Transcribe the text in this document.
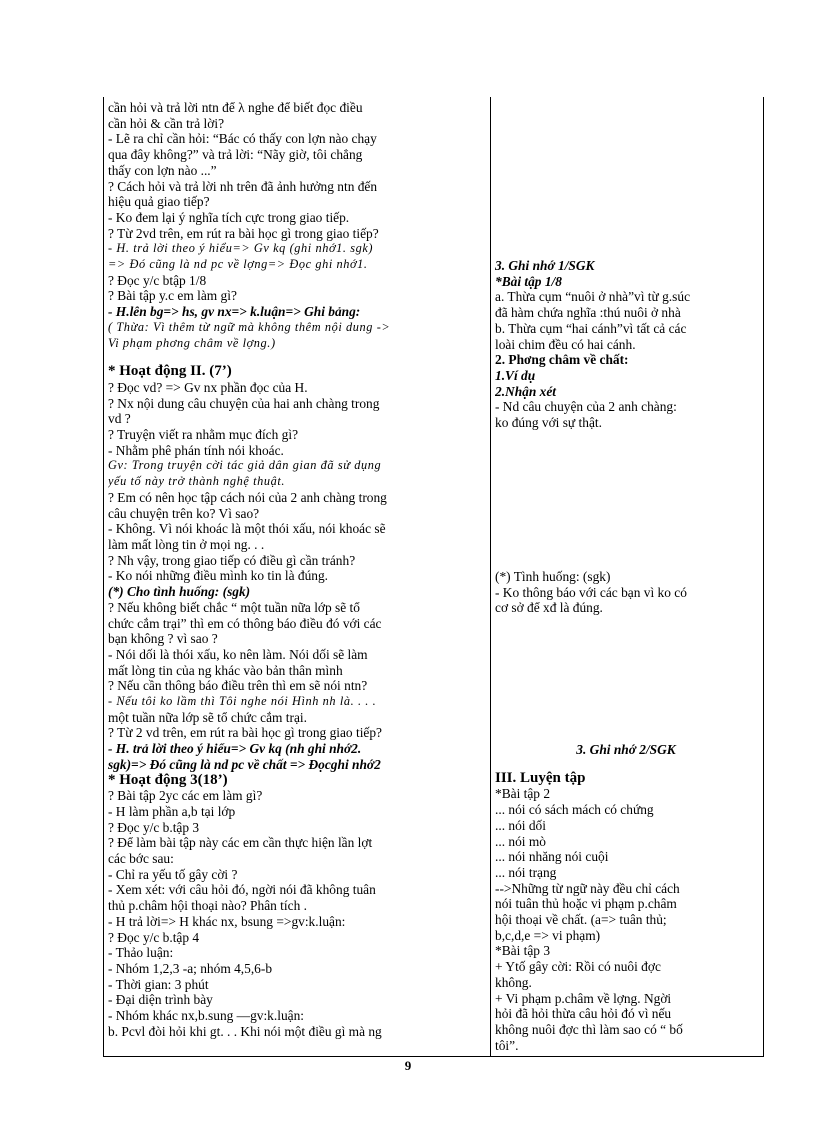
cần hỏi và trả lời ntn để λ nghe để biết đọc điều
cần hỏi & cần trả lời?
- Lẽ ra chỉ cần hỏi: “Bác có thấy con lợn nào chạy
qua đây không?” và trả lời: “Nãy giờ, tôi chẳng
thấy con lợn nào ...”
? Cách hỏi và trả lời nh trên đã ảnh hưởng ntn đến
hiệu quả giao tiếp?
- Ko đem lại ý nghĩa tích cực trong giao tiếp.
? Từ 2vd trên, em rút ra bài học gì trong giao tiếp?
- H. trả lời theo ý hiểu=> Gv kq (ghi nhớ1. sgk)
=> Đó cũng là nd pc về lợng=> Đọc ghi nhớ1.
? Đọc y/c btập 1/8
? Bài tập y.c em làm gì?
- H.lên bg=> hs, gv nx=> k.luận=> Ghi bảng:
( Thừa: Vì thêm từ ngữ mà không thêm nội dung ->
Vi phạm phơng châm về lợng.)
* Hoạt động II. (7’)
? Đọc vd? => Gv nx phần đọc của H.
? Nx nội dung câu chuyện của hai anh chàng trong
vd ?
? Truyện viết ra nhằm mục đích gì?
- Nhằm phê phán tính nói khoác.
Gv: Trong truyện cời tác giả dân gian đã sử dụng
yếu tố này trở thành nghệ thuật.
? Em có nên học tập cách nói của 2 anh chàng trong
câu chuyện trên ko? Vì sao?
- Không. Vì nói khoác là một thói xấu, nói khoác sẽ
làm mất lòng tin ở mọi ng. . .
? Nh vậy, trong giao tiếp có điều gì cần tránh?
- Ko nói những điều mình ko tin là đúng.
(*) Cho tình huống: (sgk)
? Nếu không biết chắc “ một tuần nữa lớp sẽ tổ
chức cắm trại” thì em có thông báo điều đó với các
bạn không ? vì sao ?
- Nói dối là thói xấu, ko nên làm. Nói dối sẽ làm
mất lòng tin của ng khác vào bản thân mình
? Nếu cần thông báo điều trên thì em sẽ nói ntn?
- Nếu tôi ko lầm thì Tôi nghe nói Hình nh là. . . .
một tuần nữa lớp sẽ tổ chức cắm trại.
? Từ 2 vd trên, em rút ra bài học gì trong giao tiếp?
- H. trả lời theo ý hiểu=> Gv kq (nh ghi nhớ2.
sgk)=> Đó cũng là nd pc về chất => Đọcghi nhớ2
* Hoạt động 3(18’)
? Bài tập 2yc các em làm gì?
- H làm phần a,b tại lớp
? Đọc y/c b.tập 3
? Để làm bài tập này các em cần thực hiện lần lợt
các bớc sau:
- Chỉ ra yếu tố gây cời ?
- Xem xét: với câu hỏi đó, ngời nói đã không tuân
thủ p.châm hội thoại nào? Phân tích .
- H trả lời=> H khác nx, bsung =>gv:k.luận:
? Đọc y/c b.tập 4
- Thảo luận:
- Nhóm 1,2,3 -a; nhóm 4,5,6-b
- Thời gian: 3 phút
- Đại diện trình bày
- Nhóm khác nx,b.sung —gv:k.luận:
b. Pcvl đòi hỏi khi gt. . . Khi nói một điều gì mà ng
3. Ghi nhớ 1/SGK
*Bài tập 1/8
a. Thừa cụm “nuôi ở nhà”vì từ g.súc
đã hàm chứa nghĩa :thú nuôi ở nhà
b. Thừa cụm “hai cánh”vì tất cả các
loài chim đều có hai cánh.
2. Phơng châm về chất:
1.Ví dụ
2.Nhận xét
- Nd câu chuyện của 2 anh chàng:
ko đúng với sự thật.
(*) Tình huống: (sgk)
- Ko thông báo với các bạn vì ko có
cơ sở để xđ là đúng.
3. Ghi nhớ 2/SGK
III. Luyện tập
*Bài tập 2
... nói có sách mách có chứng
... nói dối
... nói mò
... nói nhăng nói cuội
... nói trạng
-->Những từ ngữ này đều chỉ cách
nói tuân thủ hoặc vi phạm p.châm
hội thoại về chất. (a=> tuân thủ;
b,c,d,e => vi phạm)
*Bài tập 3
+ Ytố gây cời: Rồi có nuôi đợc
không.
+ Vi phạm p.châm về lợng. Ngời
hỏi đã hỏi thừa câu hỏi đó vì nếu
không nuôi đợc thì làm sao có “ bố
tôi”.
9
